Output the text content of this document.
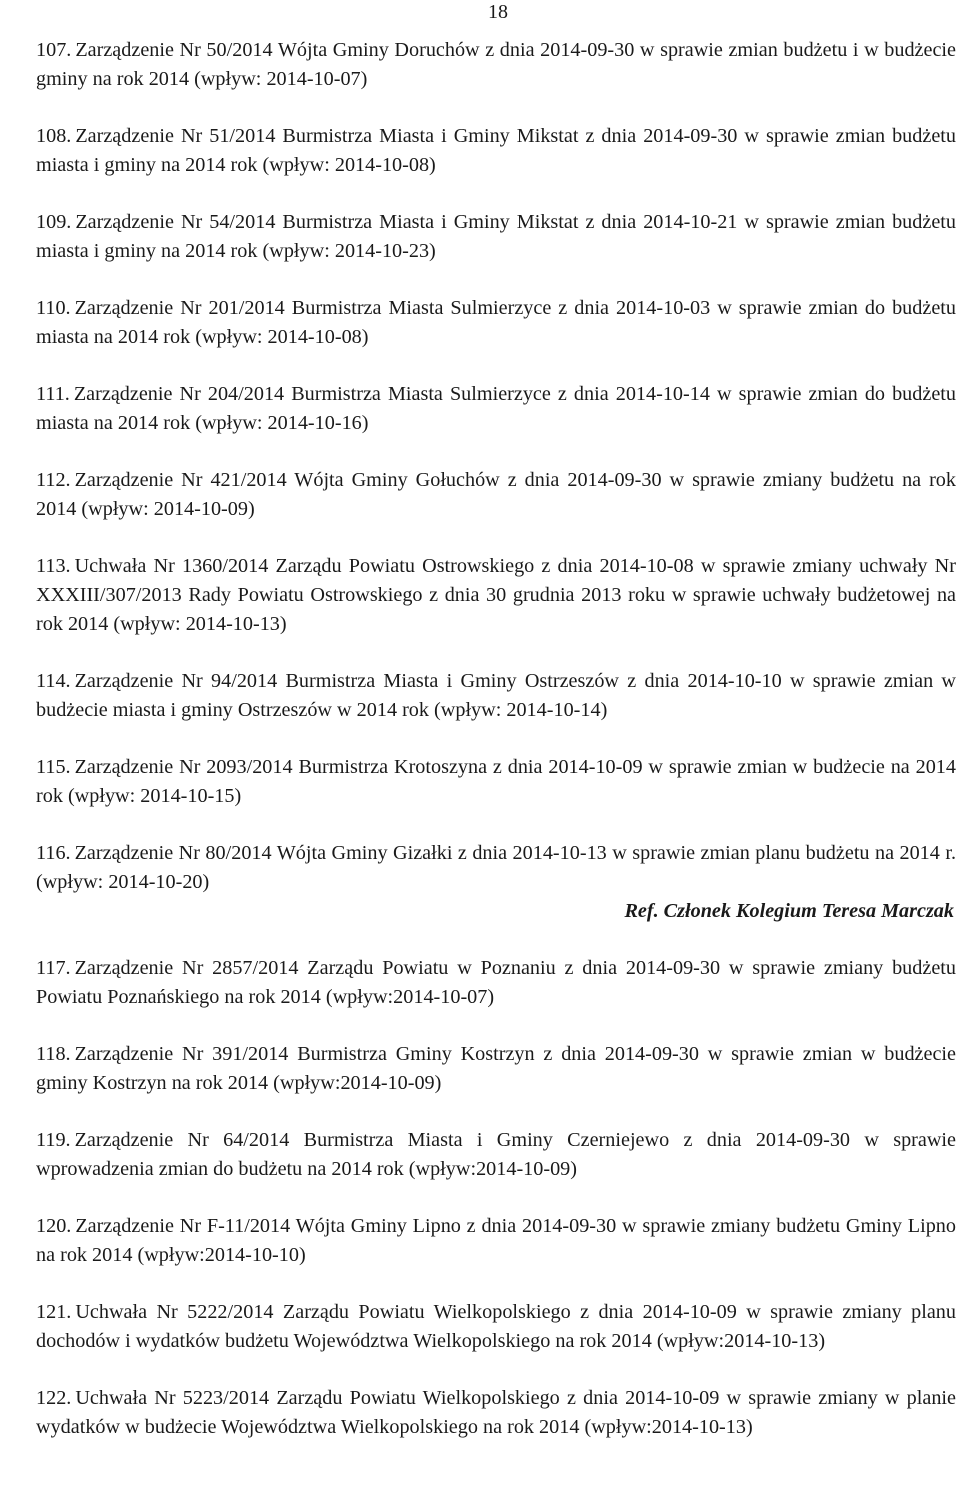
18

107. Zarządzenie Nr 50/2014 Wójta Gminy Doruchów z dnia 2014-09-30 w sprawie zmian budżetu i w budżecie gminy na rok 2014 (wpływ: 2014-10-07)

108. Zarządzenie Nr 51/2014 Burmistrza Miasta i Gminy Mikstat z dnia 2014-09-30 w sprawie zmian budżetu miasta i gminy na 2014 rok (wpływ: 2014-10-08)

109. Zarządzenie Nr 54/2014 Burmistrza Miasta i Gminy Mikstat z dnia 2014-10-21 w sprawie zmian budżetu miasta i gminy na 2014 rok (wpływ: 2014-10-23)

110. Zarządzenie Nr 201/2014 Burmistrza Miasta Sulmierzyce z dnia 2014-10-03 w sprawie zmian do budżetu miasta na 2014 rok (wpływ: 2014-10-08)

111. Zarządzenie Nr 204/2014 Burmistrza Miasta Sulmierzyce z dnia 2014-10-14 w sprawie zmian do budżetu miasta na 2014 rok (wpływ: 2014-10-16)

112. Zarządzenie Nr 421/2014 Wójta Gminy Gołuchów z dnia 2014-09-30 w sprawie zmiany budżetu na rok 2014 (wpływ: 2014-10-09)

113. Uchwała Nr 1360/2014 Zarządu Powiatu Ostrowskiego z dnia 2014-10-08 w sprawie zmiany uchwały Nr XXXIII/307/2013 Rady Powiatu Ostrowskiego z dnia 30 grudnia 2013 roku w sprawie uchwały budżetowej na rok 2014 (wpływ: 2014-10-13)

114. Zarządzenie Nr 94/2014 Burmistrza Miasta i Gminy Ostrzeszów z dnia 2014-10-10 w sprawie zmian w budżecie miasta i gminy Ostrzeszów w 2014 rok (wpływ: 2014-10-14)

115. Zarządzenie Nr 2093/2014 Burmistrza Krotoszyna z dnia 2014-10-09 w sprawie zmian w budżecie na 2014 rok (wpływ: 2014-10-15)

116. Zarządzenie Nr 80/2014 Wójta Gminy Gizałki z dnia 2014-10-13 w sprawie zmian planu budżetu na 2014 r. (wpływ: 2014-10-20)

Ref. Członek Kolegium Teresa Marczak

117. Zarządzenie Nr 2857/2014 Zarządu Powiatu w Poznaniu z dnia 2014-09-30 w sprawie zmiany budżetu Powiatu Poznańskiego na rok 2014 (wpływ:2014-10-07)

118. Zarządzenie Nr 391/2014 Burmistrza Gminy Kostrzyn z dnia 2014-09-30 w sprawie zmian w budżecie gminy Kostrzyn na rok 2014 (wpływ:2014-10-09)

119. Zarządzenie Nr 64/2014 Burmistrza Miasta i Gminy Czerniejewo z dnia 2014-09-30 w sprawie wprowadzenia zmian do budżetu na 2014 rok (wpływ:2014-10-09)

120. Zarządzenie Nr F-11/2014 Wójta Gminy Lipno z dnia 2014-09-30 w sprawie zmiany budżetu Gminy Lipno na rok 2014 (wpływ:2014-10-10)

121. Uchwała Nr 5222/2014 Zarządu Powiatu Wielkopolskiego z dnia 2014-10-09 w sprawie zmiany planu dochodów i wydatków budżetu Województwa Wielkopolskiego na rok 2014 (wpływ:2014-10-13)

122. Uchwała Nr 5223/2014 Zarządu Powiatu Wielkopolskiego z dnia 2014-10-09 w sprawie zmiany w planie wydatków w budżecie Województwa Wielkopolskiego na rok 2014 (wpływ:2014-10-13)
